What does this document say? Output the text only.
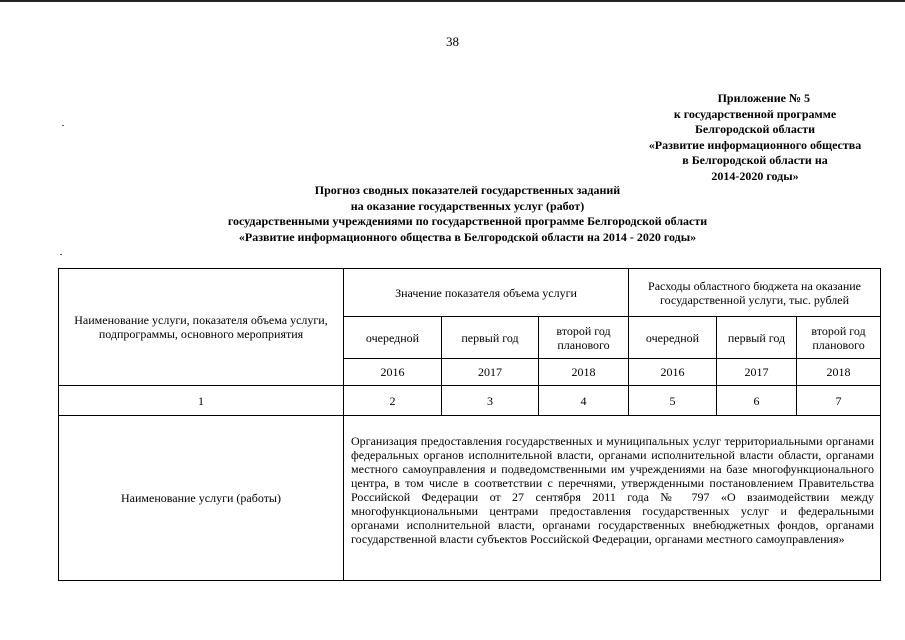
38
Приложение № 5
к государственной программе
Белгородской области
«Развитие информационного общества
в Белгородской области на
2014-2020 годы»
Прогноз сводных показателей государственных заданий
на оказание государственных услуг (работ)
государственными учреждениями по государственной программе Белгородской области
«Развитие информационного общества в Белгородской области на 2014 - 2020 годы»
Наименование услуги, показателя объема услуги, подпрограммы, основного мероприятия	Значение показателя объема услуги			Расходы областного бюджета на оказание государственной услуги, тыс. рублей		
	очередной	первый год	второй год планового	очередной	первый год	второй год планового
	2016	2017	2018	2016	2017	2018
1	2	3	4	5	6	7
Наименование услуги (работы)	Организация предоставления государственных и муниципальных услуг территориальными органами федеральных органов исполнительной власти, органами исполнительной власти области, органами местного самоуправления и подведомственными им учреждениями на базе многофункционального центра, в том числе в соответствии с перечнями, утвержденными постановлением Правительства Российской Федерации от 27 сентября 2011 года № 797 «О взаимодействии между многофункциональными центрами предоставления государственных услуг и федеральными органами исполнительной власти, органами государственных внебюджетных фондов, органами государственной власти субъектов Российской Федерации, органами местного самоуправления»					
